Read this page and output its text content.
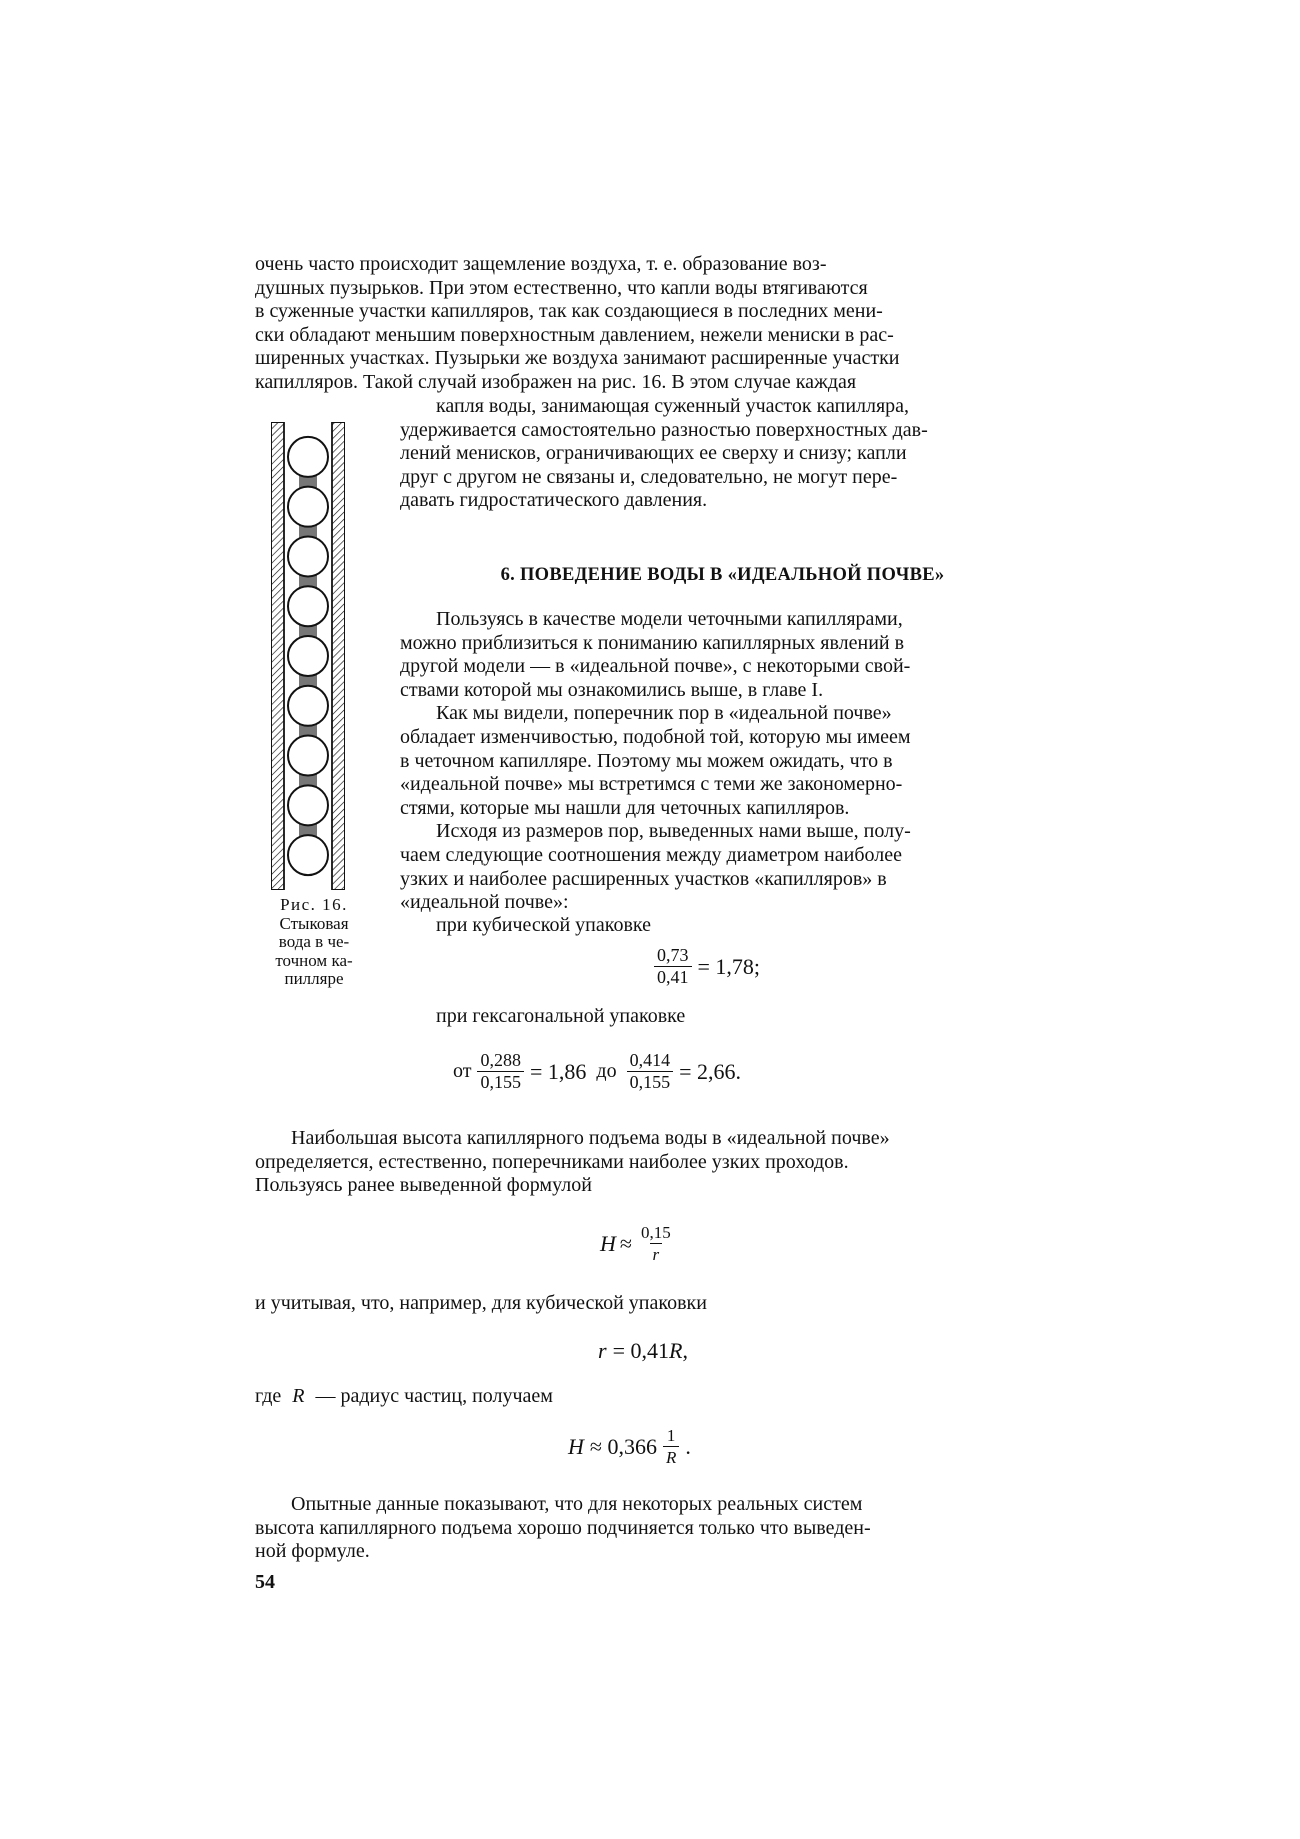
очень часто происходит защемление воздуха, т. е. образование воз-

душных пузырьков. При этом естественно, что капли воды втягиваются

в суженные участки капилляров, так как создающиеся в последних мени-

ски обладают меньшим поверхностным давлением, нежели мениски в рас-

ширенных участках. Пузырьки же воздуха занимают расширенные участки

капилляров. Такой случай изображен на рис. 16. В этом случае каждая

капля воды, занимающая суженный участок капилляра,

удерживается самостоятельно разностью поверхностных дав-

лений менисков, ограничивающих ее сверху и снизу; капли

друг с другом не связаны и, следовательно, не могут пере-

давать гидростатического давления.

Рис. 16.
Стыковая
вода в че-
точном ка-
пилляре
6. ПОВЕДЕНИЕ ВОДЫ В «ИДЕАЛЬНОЙ ПОЧВЕ»

Пользуясь в качестве модели четочными капиллярами,

можно приблизиться к пониманию капиллярных явлений в

другой модели — в «идеальной почве», с некоторыми свой-

ствами которой мы ознакомились выше, в главе I.

Как мы видели, поперечник пор в «идеальной почве»

обладает изменчивостью, подобной той, которую мы имеем

в четочном капилляре. Поэтому мы можем ожидать, что в

«идеальной почве» мы встретимся с теми же закономерно-

стями, которые мы нашли для четочных капилляров.

Исходя из размеров пор, выведенных нами выше, полу-

чаем следующие соотношения между диаметром наиболее

узких и наиболее расширенных участков «капилляров» в

«идеальной почве»:

при кубической упаковке
$\frac{0,73}{0,41} = 1,78$;
при гексагональной упаковке
от $\frac{0,288}{0,155} = 1,86$ до $\frac{0,414}{0,155} = 2,66$.

Наибольшая высота капиллярного подъема воды в «идеальной почве»

определяется, естественно, поперечниками наиболее узких проходов.

Пользуясь ранее выведенной формулой

$H \approx \frac{0,15}{r}$
и учитывая, что, например, для кубической упаковки
r = 0,41 R ,
где R — радиус частиц, получаем
$H \approx 0,366 \frac{1}{R}$ .

Опытные данные показывают, что для некоторых реальных систем

высота капиллярного подъема хорошо подчиняется только что выведен-

ной формуле.

54
